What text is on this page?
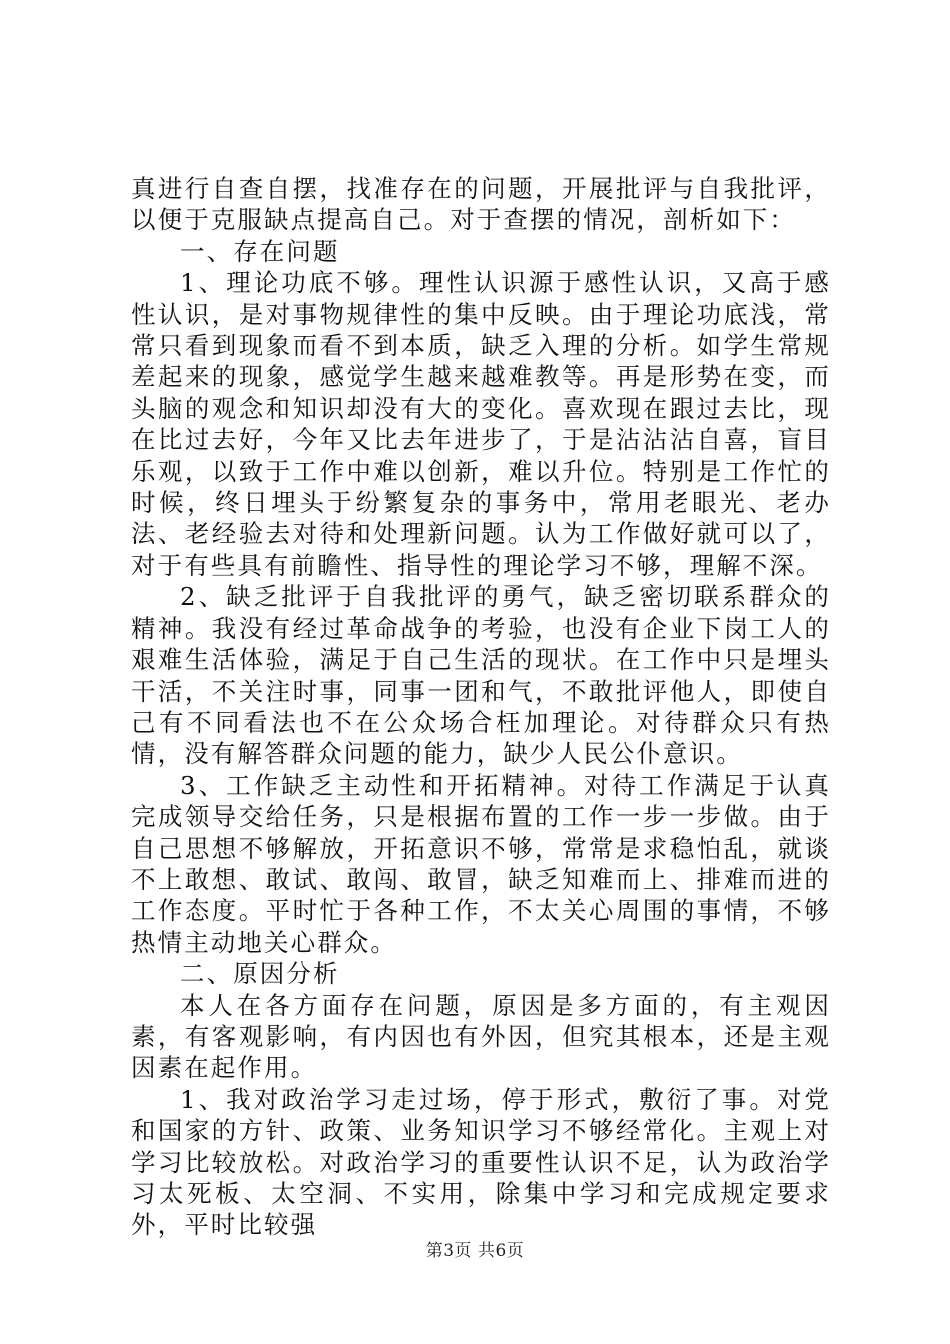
真进行自查自摆，找准存在的问题，开展批评与自我批评，以便于克服缺点提高自己。对于查摆的情况，剖析如下：

一、存在问题

1、理论功底不够。理性认识源于感性认识，又高于感性认识，是对事物规律性的集中反映。由于理论功底浅，常常只看到现象而看不到本质，缺乏入理的分析。如学生常规差起来的现象，感觉学生越来越难教等。再是形势在变，而头脑的观念和知识却没有大的变化。喜欢现在跟过去比，现在比过去好，今年又比去年进步了，于是沾沾沾自喜，盲目乐观，以致于工作中难以创新，难以升位。特别是工作忙的时候，终日埋头于纷繁复杂的事务中，常用老眼光、老办法、老经验去对待和处理新问题。认为工作做好就可以了，对于有些具有前瞻性、指导性的理论学习不够，理解不深。

2、缺乏批评于自我批评的勇气，缺乏密切联系群众的精神。我没有经过革命战争的考验，也没有企业下岗工人的艰难生活体验，满足于自己生活的现状。在工作中只是埋头干活，不关注时事，同事一团和气，不敢批评他人，即使自己有不同看法也不在公众场合枉加理论。对待群众只有热情，没有解答群众问题的能力，缺少人民公仆意识。

3、工作缺乏主动性和开拓精神。对待工作满足于认真完成领导交给任务，只是根据布置的工作一步一步做。由于自己思想不够解放，开拓意识不够，常常是求稳怕乱，就谈不上敢想、敢试、敢闯、敢冒，缺乏知难而上、排难而进的工作态度。平时忙于各种工作，不太关心周围的事情，不够热情主动地关心群众。

二、原因分析

本人在各方面存在问题，原因是多方面的，有主观因素，有客观影响，有内因也有外因，但究其根本，还是主观因素在起作用。

1、我对政治学习走过场，停于形式，敷衍了事。对党和国家的方针、政策、业务知识学习不够经常化。主观上对学习比较放松。对政治学习的重要性认识不足，认为政治学习太死板、太空洞、不实用，除集中学习和完成规定要求外，平时比较强

第3页 共6页
